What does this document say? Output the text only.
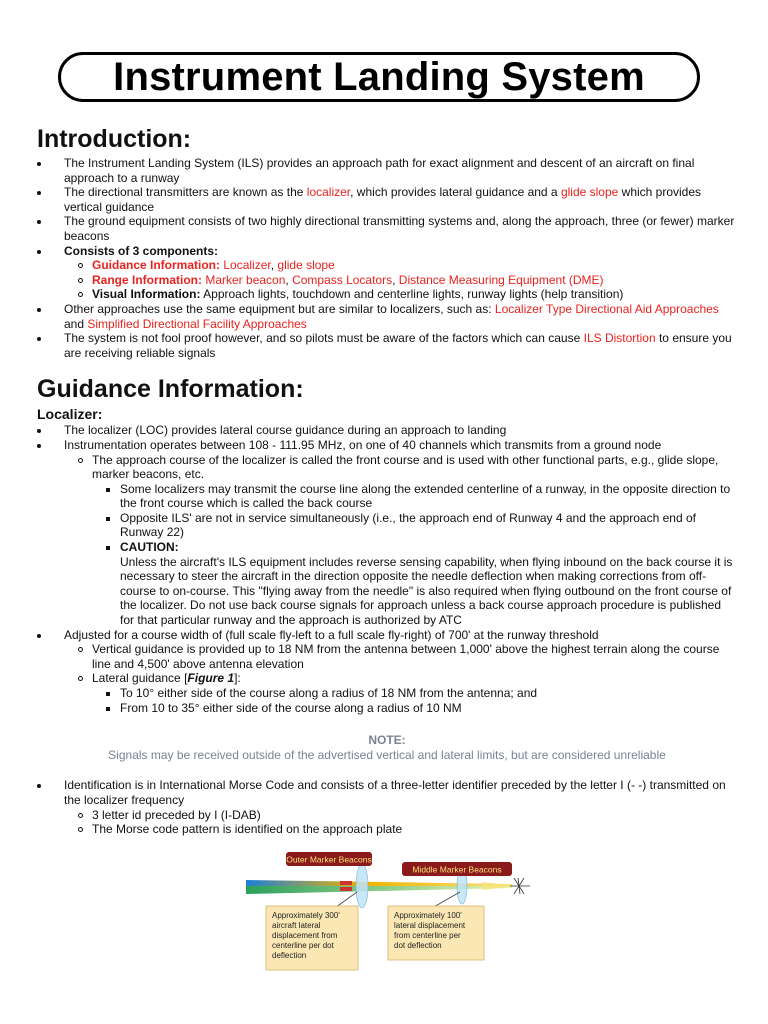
Instrument Landing System
Introduction:
The Instrument Landing System (ILS) provides an approach path for exact alignment and descent of an aircraft on final approach to a runway
The directional transmitters are known as the localizer, which provides lateral guidance and a glide slope which provides vertical guidance
The ground equipment consists of two highly directional transmitting systems and, along the approach, three (or fewer) marker beacons
Consists of 3 components:
Guidance Information: Localizer, glide slope
Range Information: Marker beacon, Compass Locators, Distance Measuring Equipment (DME)
Visual Information: Approach lights, touchdown and centerline lights, runway lights (help transition)
Other approaches use the same equipment but are similar to localizers, such as: Localizer Type Directional Aid Approaches and Simplified Directional Facility Approaches
The system is not fool proof however, and so pilots must be aware of the factors which can cause ILS Distortion to ensure you are receiving reliable signals
Guidance Information:
Localizer:
The localizer (LOC) provides lateral course guidance during an approach to landing
Instrumentation operates between 108 - 111.95 MHz, on one of 40 channels which transmits from a ground node
The approach course of the localizer is called the front course and is used with other functional parts, e.g., glide slope, marker beacons, etc.
Some localizers may transmit the course line along the extended centerline of a runway, in the opposite direction to the front course which is called the back course
Opposite ILS' are not in service simultaneously (i.e., the approach end of Runway 4 and the approach end of Runway 22)
CAUTION:
Unless the aircraft's ILS equipment includes reverse sensing capability, when flying inbound on the back course it is necessary to steer the aircraft in the direction opposite the needle deflection when making corrections from off-course to on-course. This "flying away from the needle" is also required when flying outbound on the front course of the localizer. Do not use back course signals for approach unless a back course approach procedure is published for that particular runway and the approach is authorized by ATC
Adjusted for a course width of (full scale fly-left to a full scale fly-right) of 700' at the runway threshold
Vertical guidance is provided up to 18 NM from the antenna between 1,000' above the highest terrain along the course line and 4,500' above antenna elevation
Lateral guidance [Figure 1]:
To 10° either side of the course along a radius of 18 NM from the antenna; and
From 10 to 35° either side of the course along a radius of 10 NM
NOTE:
Signals may be received outside of the advertised vertical and lateral limits, but are considered unreliable
Identification is in International Morse Code and consists of a three-letter identifier preceded by the letter I (- -) transmitted on the localizer frequency
3 letter id preceded by I (I-DAB)
The Morse code pattern is identified on the approach plate
Outer Marker Beacons
Middle Marker Beacons
Approximately 300' aircraft lateral displacement from centerline per dot deflection
Approximately 100' lateral displacement from centerline per dot deflection
